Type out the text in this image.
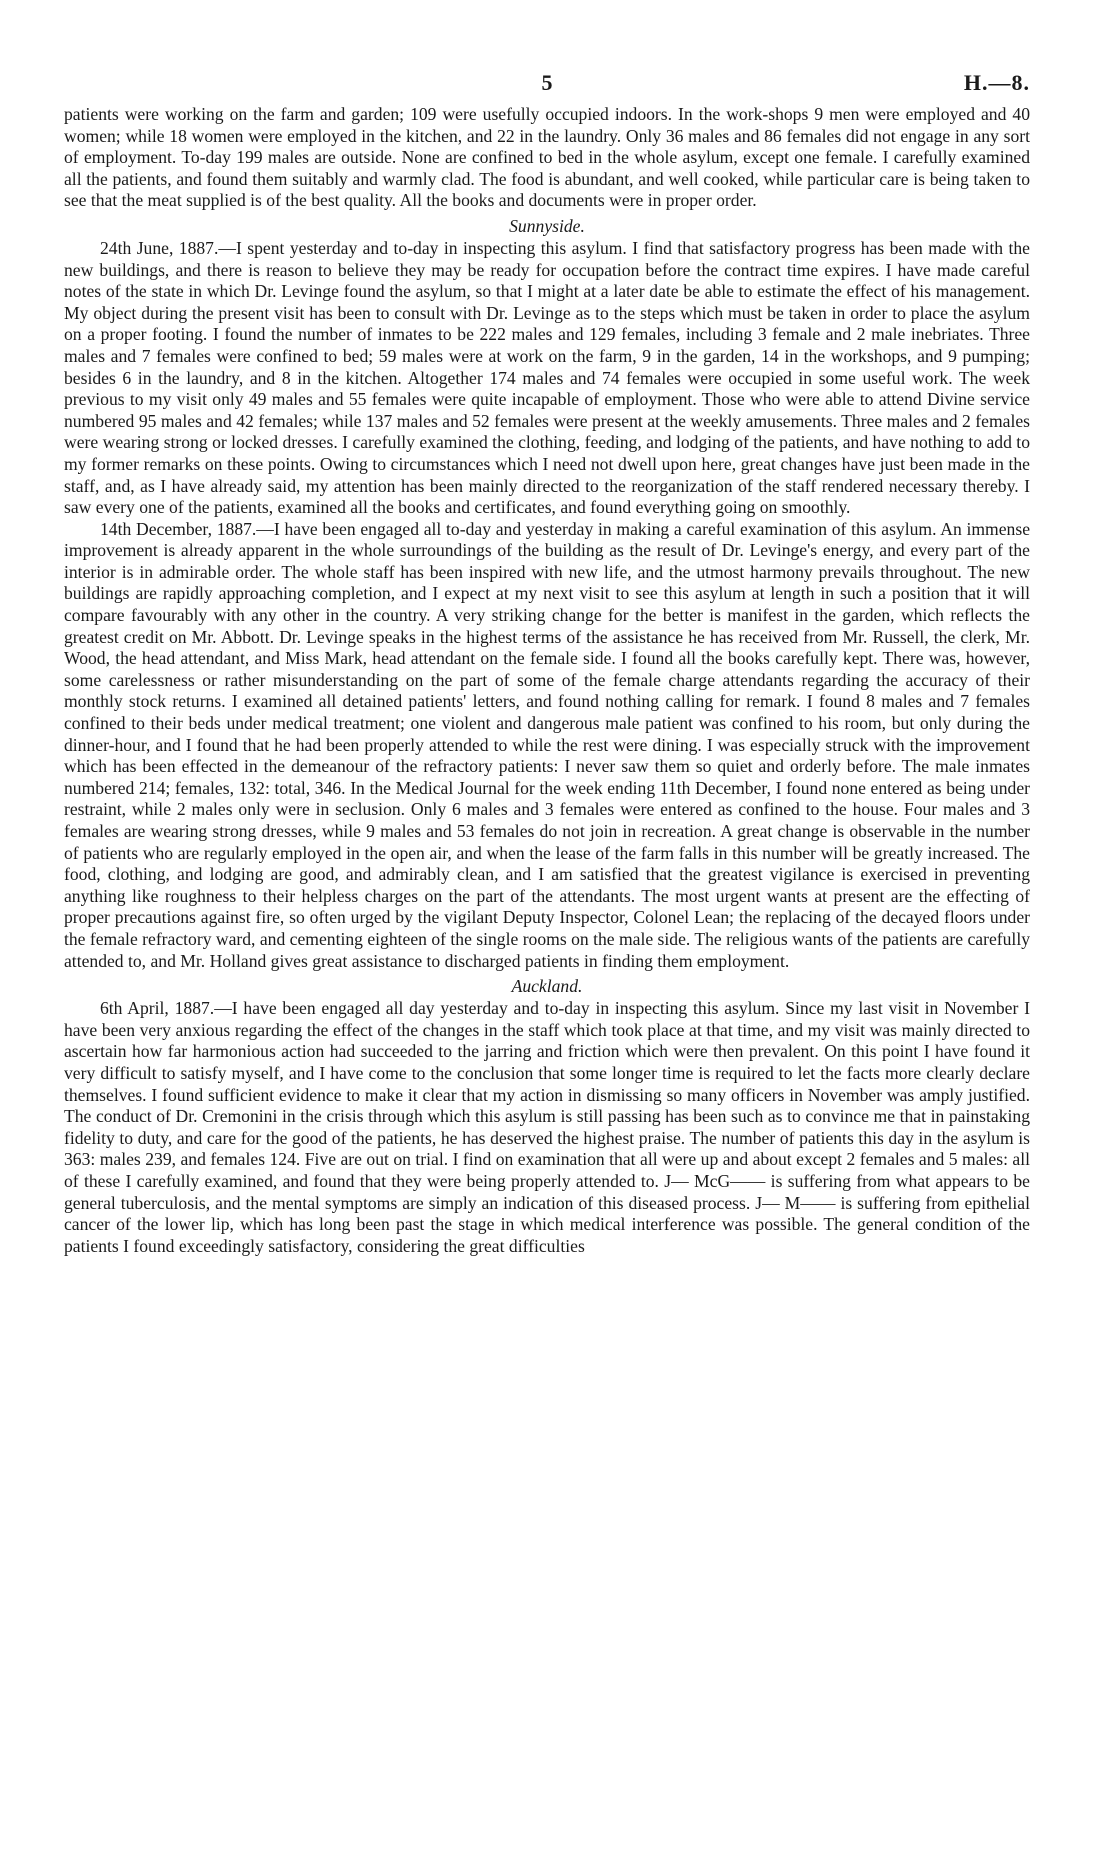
5	H.—8.

patients were working on the farm and garden; 109 were usefully occupied indoors. In the work-shops 9 men were employed and 40 women; while 18 women were employed in the kitchen, and 22 in the laundry. Only 36 males and 86 females did not engage in any sort of employment. To-day 199 males are outside. None are confined to bed in the whole asylum, except one female. I carefully examined all the patients, and found them suitably and warmly clad. The food is abundant, and well cooked, while particular care is being taken to see that the meat supplied is of the best quality. All the books and documents were in proper order.

Sunnyside.

24th June, 1887.—I spent yesterday and to-day in inspecting this asylum. I find that satisfactory progress has been made with the new buildings, and there is reason to believe they may be ready for occupation before the contract time expires. I have made careful notes of the state in which Dr. Levinge found the asylum, so that I might at a later date be able to estimate the effect of his management. My object during the present visit has been to consult with Dr. Levinge as to the steps which must be taken in order to place the asylum on a proper footing. I found the number of inmates to be 222 males and 129 females, including 3 female and 2 male inebriates. Three males and 7 females were confined to bed; 59 males were at work on the farm, 9 in the garden, 14 in the workshops, and 9 pumping; besides 6 in the laundry, and 8 in the kitchen. Altogether 174 males and 74 females were occupied in some useful work. The week previous to my visit only 49 males and 55 females were quite incapable of employment. Those who were able to attend Divine service numbered 95 males and 42 females; while 137 males and 52 females were present at the weekly amusements. Three males and 2 females were wearing strong or locked dresses. I carefully examined the clothing, feeding, and lodging of the patients, and have nothing to add to my former remarks on these points. Owing to circumstances which I need not dwell upon here, great changes have just been made in the staff, and, as I have already said, my attention has been mainly directed to the reorganization of the staff rendered necessary thereby. I saw every one of the patients, examined all the books and certificates, and found everything going on smoothly.

14th December, 1887.—I have been engaged all to-day and yesterday in making a careful examination of this asylum. An immense improvement is already apparent in the whole surroundings of the building as the result of Dr. Levinge's energy, and every part of the interior is in admirable order. The whole staff has been inspired with new life, and the utmost harmony prevails throughout. The new buildings are rapidly approaching completion, and I expect at my next visit to see this asylum at length in such a position that it will compare favourably with any other in the country. A very striking change for the better is manifest in the garden, which reflects the greatest credit on Mr. Abbott. Dr. Levinge speaks in the highest terms of the assistance he has received from Mr. Russell, the clerk, Mr. Wood, the head attendant, and Miss Mark, head attendant on the female side. I found all the books carefully kept. There was, however, some carelessness or rather misunderstanding on the part of some of the female charge attendants regarding the accuracy of their monthly stock returns. I examined all detained patients' letters, and found nothing calling for remark. I found 8 males and 7 females confined to their beds under medical treatment; one violent and dangerous male patient was confined to his room, but only during the dinner-hour, and I found that he had been properly attended to while the rest were dining. I was especially struck with the improvement which has been effected in the demeanour of the refractory patients: I never saw them so quiet and orderly before. The male inmates numbered 214; females, 132: total, 346. In the Medical Journal for the week ending 11th December, I found none entered as being under restraint, while 2 males only were in seclusion. Only 6 males and 3 females were entered as confined to the house. Four males and 3 females are wearing strong dresses, while 9 males and 53 females do not join in recreation. A great change is observable in the number of patients who are regularly employed in the open air, and when the lease of the farm falls in this number will be greatly increased. The food, clothing, and lodging are good, and admirably clean, and I am satisfied that the greatest vigilance is exercised in preventing anything like roughness to their helpless charges on the part of the attendants. The most urgent wants at present are the effecting of proper precautions against fire, so often urged by the vigilant Deputy Inspector, Colonel Lean; the replacing of the decayed floors under the female refractory ward, and cementing eighteen of the single rooms on the male side. The religious wants of the patients are carefully attended to, and Mr. Holland gives great assistance to discharged patients in finding them employment.

Auckland.

6th April, 1887.—I have been engaged all day yesterday and to-day in inspecting this asylum. Since my last visit in November I have been very anxious regarding the effect of the changes in the staff which took place at that time, and my visit was mainly directed to ascertain how far harmonious action had succeeded to the jarring and friction which were then prevalent. On this point I have found it very difficult to satisfy myself, and I have come to the conclusion that some longer time is required to let the facts more clearly declare themselves. I found sufficient evidence to make it clear that my action in dismissing so many officers in November was amply justified. The conduct of Dr. Cremonini in the crisis through which this asylum is still passing has been such as to convince me that in painstaking fidelity to duty, and care for the good of the patients, he has deserved the highest praise. The number of patients this day in the asylum is 363: males 239, and females 124. Five are out on trial. I find on examination that all were up and about except 2 females and 5 males: all of these I carefully examined, and found that they were being properly attended to. J— McG—— is suffering from what appears to be general tuberculosis, and the mental symptoms are simply an indication of this diseased process. J— M—— is suffering from epithelial cancer of the lower lip, which has long been past the stage in which medical interference was possible. The general condition of the patients I found exceedingly satisfactory, considering the great difficulties
